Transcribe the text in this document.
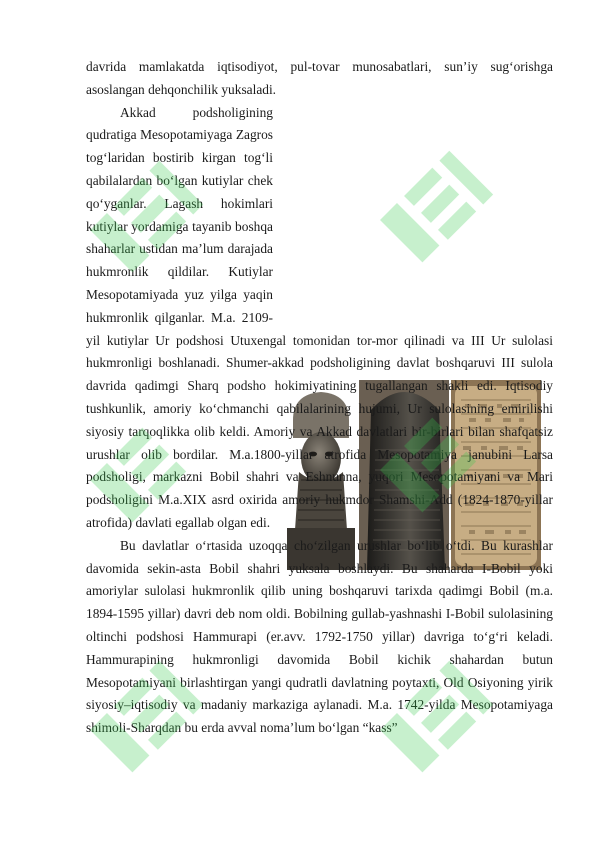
davrida mamlakatda iqtisodiyot, pul-tovar munosabatlari, sun’iy sug‘orishga asoslangan dehqonchilik yuksaladi.

Akkad podsholigining qudratiga Mesopotamiyaga Zagros tog‘laridan bostirib kirgan tog‘li qabilalardan bo‘lgan kutiylar chek qo‘yganlar. Lagash hokimlari kutiylar yordamiga tayanib boshqa shaharlar ustidan ma’lum darajada hukmronlik qildilar. Kutiylar Mesopotamiyada yuz yilga yaqin hukmronlik qilganlar. M.a. 2109-yil kutiylar Ur podshosi Utuxengal tomonidan tor-mor qilinadi va III Ur sulolasi hukmronligi boshlanadi. Shumer-akkad podsholigining davlat boshqaruvi III sulola davrida qadimgi Sharq podsho hokimiyatining tugallangan shakli edi. Iqtisodiy tushkunlik, amoriy ko‘chmanchi qabilalarining hujumi, Ur sulolasining emirilishi siyosiy tarqoqlikka olib keldi. Amoriy va Akkad davlatlari bir-birlari bilan shafqatsiz urushlar olib bordilar. M.a.1800-yillar atrofida Mesopotamiya janubini Larsa podsholigi, markazni Bobil shahri va Eshnunna, yuqori Mesopotamiyani va Mari podsholigini M.a.XIX asrd oxirida amoriy hukmdor Shamshi-Add (1824-1870-yillar atrofida) davlati egallab olgan edi.

Bu davlatlar o‘rtasida uzoqqa cho‘zilgan urushlar bo‘lib o‘tdi. Bu kurashlar davomida sekin-asta Bobil shahri yuksala boshlaydi. Bu shaharda I-Bobil yoki amoriylar sulolasi hukmronlik qilib uning boshqaruvi tarixda qadimgi Bobil (m.a. 1894-1595 yillar) davri deb nom oldi. Bobilning gullab-yashnashi I-Bobil sulolasining oltinchi podshosi Hammurapi (er.avv. 1792-1750 yillar) davriga to‘g‘ri keladi. Hammurapining hukmronligi davomida Bobil kichik shahardan butun Mesopotamiyani birlashtirgan yangi qudratli davlatning poytaxti, Old Osiyoning yirik siyosiy–iqtisodiy va madaniy markaziga aylanadi. M.a. 1742-yilda Mesopotamiyaga shimoli-Sharqdan bu erda avval noma’lum bo‘lgan “kass”
